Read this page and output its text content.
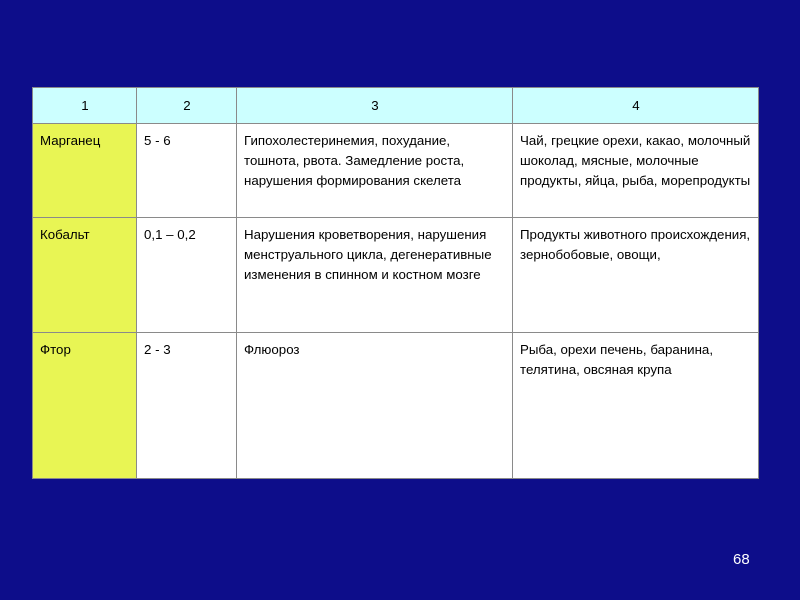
1	2	3	4
Марганец	5 - 6	Гипохолестеринемия, похудание, тошнота, рвота. Замедление роста, нарушения формирования скелета	Чай, грецкие орехи, какао, молочный шоколад, мясные, молочные продукты, яйца, рыба, морепродукты
Кобальт	0,1 – 0,2	Нарушения кроветворения, нарушения менструального цикла, дегенеративные изменения в спинном и костном мозге	Продукты животного происхождения, зернобобовые, овощи,
Фтор	2 - 3	Флюороз	Рыба, орехи печень, баранина, телятина, овсяная крупа
68
